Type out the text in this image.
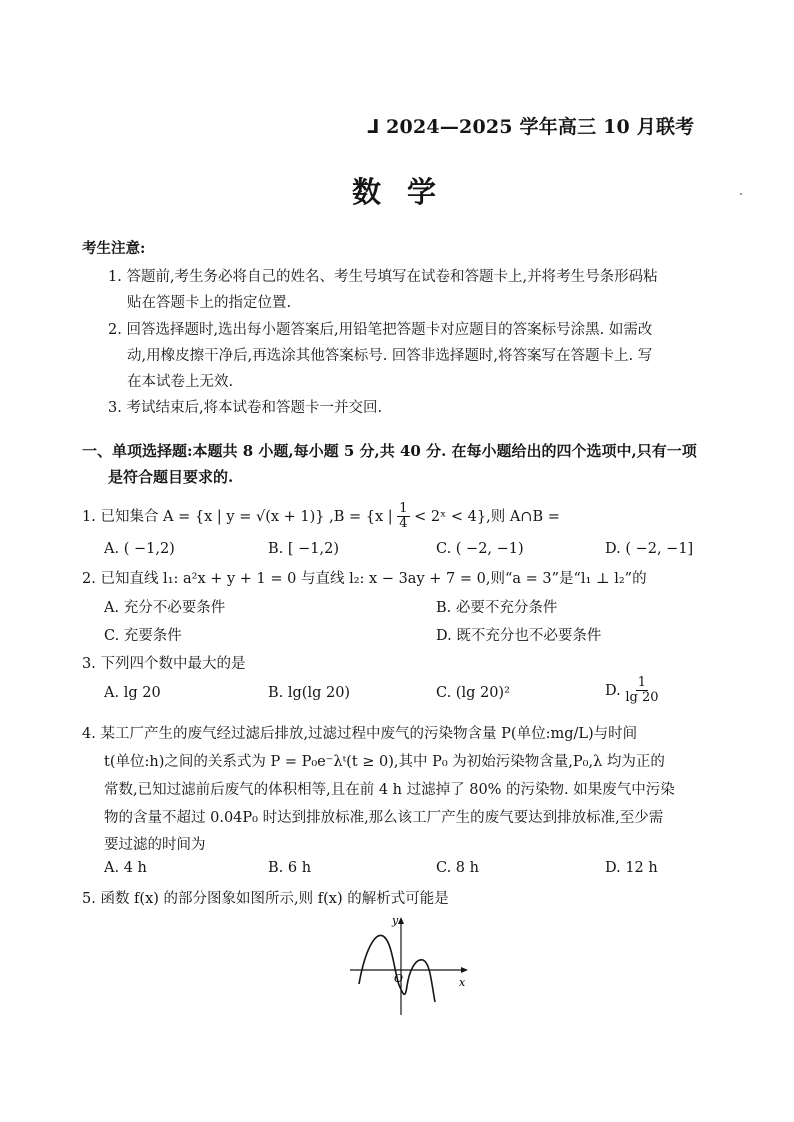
⅃ 2024—2025 学年高三 10 月联考
数学
考生注意:
1. 答题前,考生务必将自己的姓名、考生号填写在试卷和答题卡上,并将考生号条形码粘
贴在答题卡上的指定位置.
2. 回答选择题时,选出每小题答案后,用铅笔把答题卡对应题目的答案标号涂黑. 如需改
动,用橡皮擦干净后,再选涂其他答案标号. 回答非选择题时,将答案写在答题卡上. 写
在本试卷上无效.
3. 考试结束后,将本试卷和答题卡一并交回.
一、单项选择题:本题共 8 小题,每小题 5 分,共 40 分. 在每小题给出的四个选项中,只有一项
是符合题目要求的.
1. 已知集合 A = {x | y = √(x + 1)} ,B = {x | $\frac{1}{4}$ < 2ˣ < 4},则 A∩B =
A. ( −1,2)	B. [ −1,2)	C. ( −2, −1)	D. ( −2, −1]
2. 已知直线 l₁: a²x + y + 1 = 0 与直线 l₂: x − 3ay + 7 = 0,则“a = 3”是“l₁ ⊥ l₂”的
A. 充分不必要条件	B. 必要不充分条件
C. 充要条件	D. 既不充分也不必要条件
3. 下列四个数中最大的是
A. lg 20	B. lg(lg 20)	C. (lg 20)²	D. $\frac{1}{\lg 20}$
4. 某工厂产生的废气经过滤后排放,过滤过程中废气的污染物含量 P(单位:mg/L)与时间
t(单位:h)之间的关系式为 P = P₀e⁻λᵗ(t ≥ 0),其中 P₀ 为初始污染物含量,P₀,λ 均为正的
常数,已知过滤前后废气的体积相等,且在前 4 h 过滤掉了 80% 的污染物. 如果废气中污染
物的含量不超过 0.04P₀ 时达到排放标准,那么该工厂产生的废气要达到排放标准,至少需
要过滤的时间为
A. 4 h	B. 6 h	C. 8 h	D. 12 h
5. 函数 f(x) 的部分图象如图所示,则 f(x) 的解析式可能是
y
x
O
